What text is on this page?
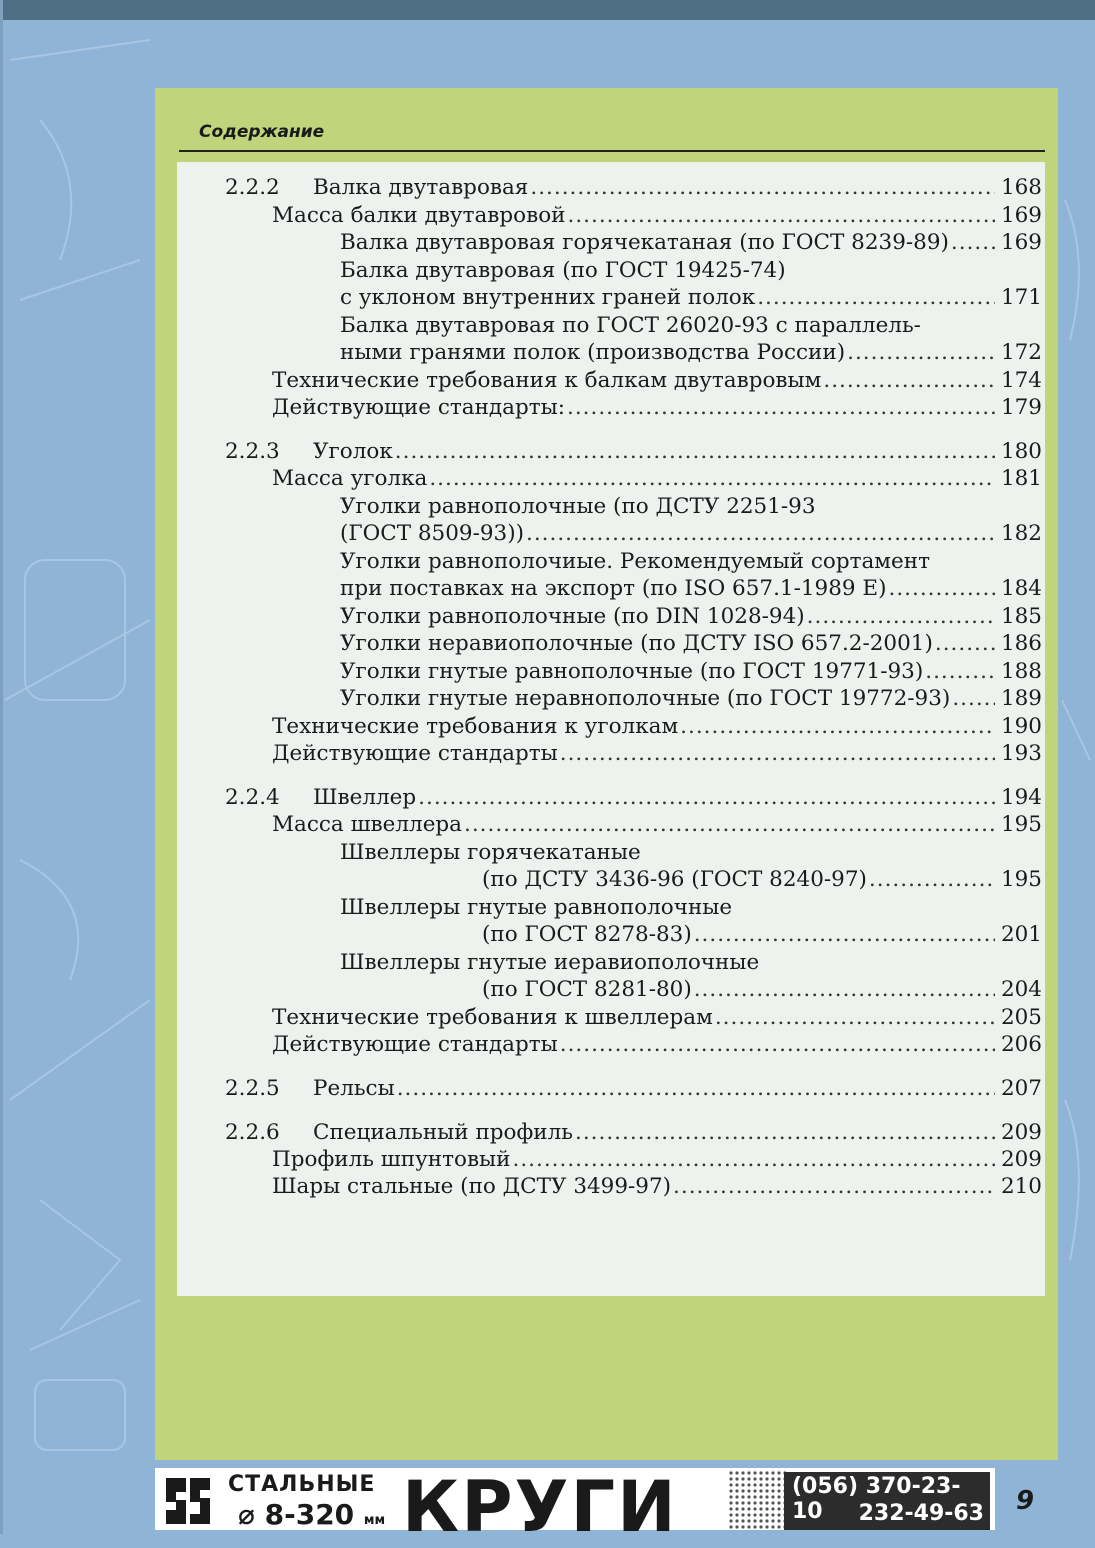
Содержание
2.2.2	Валка двутавровая .....	168
Масса балки двутавровой .....	169
Валка двутавровая горячекатаная (по ГОСТ 8239-89) ..... 169
Балка двутавровая (по ГОСТ 19425-74)
с уклоном внутренних граней полок .....	171
Балка двутавровая по ГОСТ 26020-93 с параллель-
ными гранями полок (производства России) .....	172
Технические требования к балкам двутавровым .....	174
Действующие стандарты: .....	179
2.2.3	Уголок .....	180
Масса уголка .....	181
Уголки равнополочные (по ДСТУ 2251-93
(ГОСТ 8509-93)) .....	182
Уголки равнополочиые. Рекомендуемый сортамент
при поставках на экспорт (по ISO 657.1-1989 Е) .....	184
Уголки равнополочные (по DIN 1028-94) .....	185
Уголки неравиополочные (по ДСТУ ISO 657.2-2001) .....	186
Уголки гнутые равнополочные (по ГОСТ 19771-93) .....	188
Уголки гнутые неравнополочные (по ГОСТ 19772-93) ..... 189
Технические требования к уголкам .....	190
Действующие стандарты .....	193
2.2.4	Швеллер .....	194
Масса швеллера .....	195
Швеллеры горячекатаные
(по ДСТУ 3436-96 (ГОСТ 8240-97) .....	195
Швеллеры гнутые равнополочные
(по ГОСТ 8278-83) .....	201
Швеллеры гнутые иеравиополочные
(по ГОСТ 8281-80) .....	204
Технические требования к швеллерам .....	205
Действующие стандарты .....	206
2.2.5	Рельсы .....	207
2.2.6	Специальный профиль .....	209
Профиль шпунтовый .....	209
Шары стальные (по ДСТУ 3499-97) .....	210
СТАЛЬНЫЕ
⌀ 8-320 мм КРУГИ	(056) 370-23-10	232-49-63 9
